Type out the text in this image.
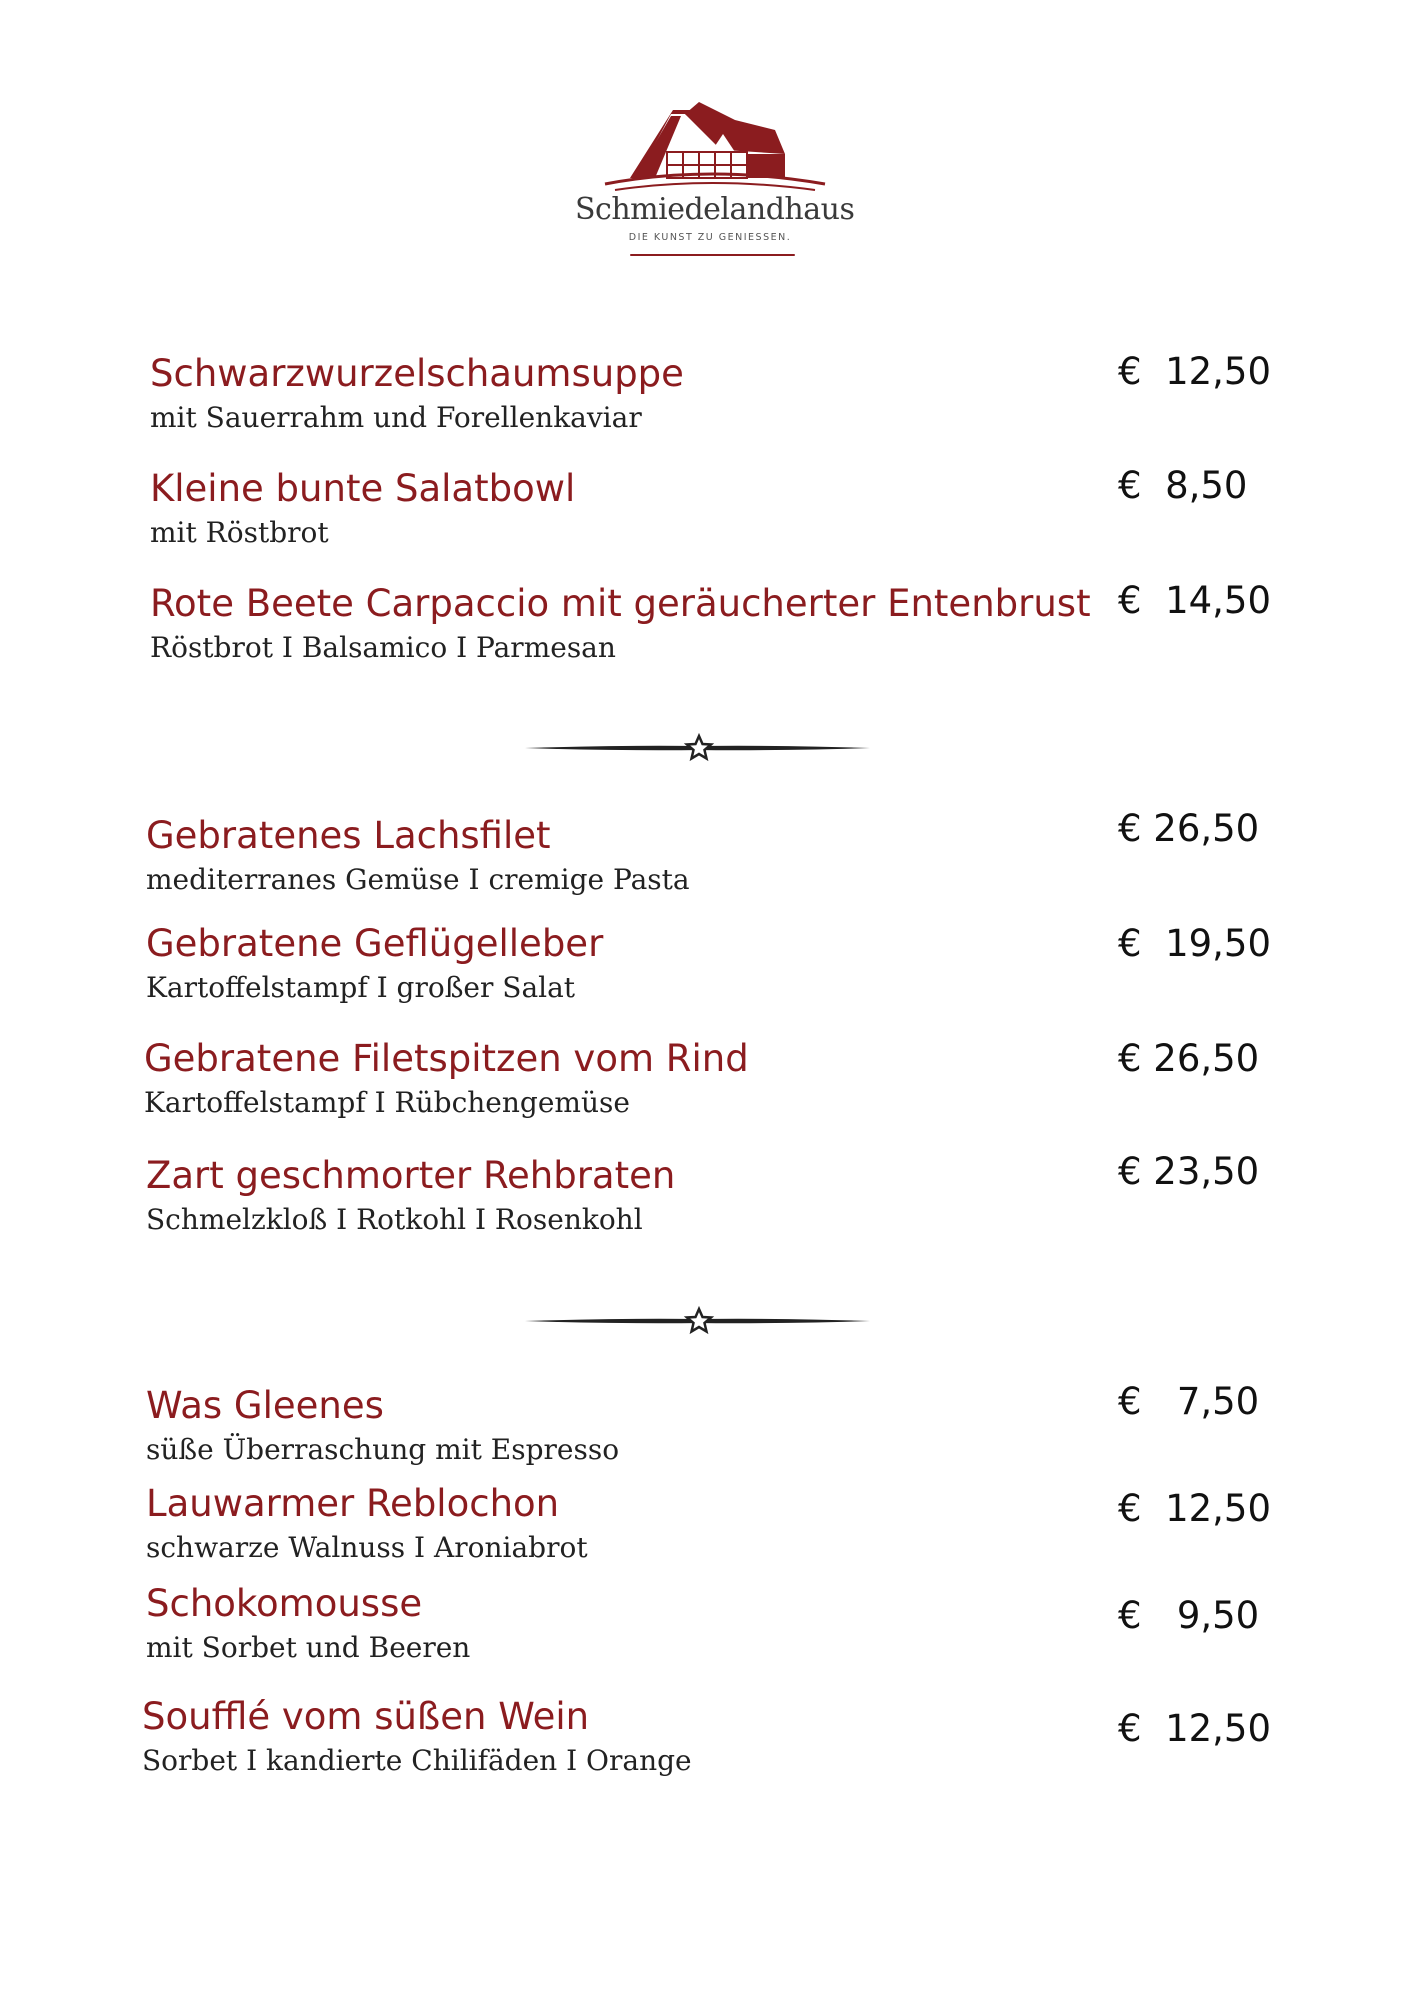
Schmiedelandhaus
DIE KUNST ZU GENIESSEN.
Schwarzwurzelschaumsuppe
mit Sauerrahm und Forellenkaviar
€  12,50
Kleine bunte Salatbowl
mit Röstbrot
€  8,50
Rote Beete Carpaccio mit geräucherter Entenbrust
Röstbrot I Balsamico I Parmesan
€  14,50
Gebratenes Lachsfilet
mediterranes Gemüse I cremige Pasta
€ 26,50
Gebratene Geflügelleber
Kartoffelstampf I großer Salat
€  19,50
Gebratene Filetspitzen vom Rind
Kartoffelstampf I Rübchengemüse
€ 26,50
Zart geschmorter Rehbraten
Schmelzkloß I Rotkohl I Rosenkohl
€ 23,50
Was Gleenes
süße Überraschung mit Espresso
€   7,50
Lauwarmer Reblochon
schwarze Walnuss I Aroniabrot
€  12,50
Schokomousse
mit Sorbet und Beeren
€   9,50
Soufflé vom süßen Wein
Sorbet I kandierte Chilifäden I Orange
€  12,50
